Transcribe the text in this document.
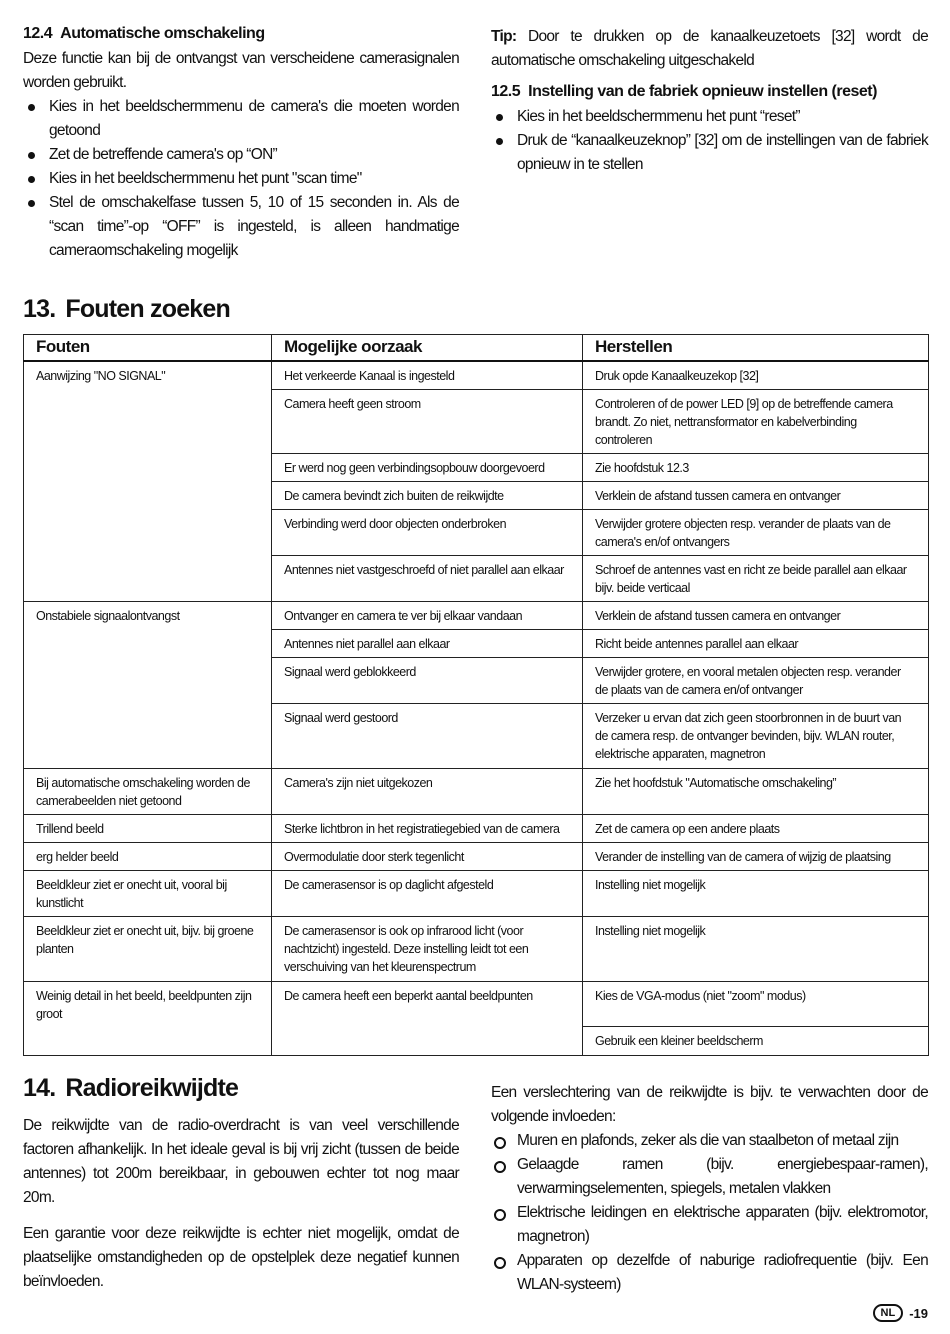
12.4 Automatische omschakeling

Deze functie kan bij de ontvangst van verscheidene camerasignalen worden gebruikt.

Kies in het beeldschermmenu de camera's die moeten worden getoond
Zet de betreffende camera's op “ON”
Kies in het beeldschermmenu het punt "scan time"
Stel de omschakelfase tussen 5, 10 of 15 seconden in. Als de “scan time”-op “OFF” is ingesteld, is alleen handmatige cameraomschakeling mogelijk

Tip: Door te drukken op de kanaalkeuzetoets [32] wordt de automatische omschakeling uitgeschakeld

12.5 Instelling van de fabriek opnieuw instellen (reset)
Kies in het beeldschermmenu het punt “reset”
Druk de “kanaalkeuzeknop” [32] om de instellingen van de fabriek opnieuw in te stellen
13. Fouten zoeken
Fouten	Mogelijke oorzaak	Herstellen
Aanwijzing "NO SIGNAL"	Het verkeerde Kanaal is ingesteld	Druk opde Kanaalkeuzekop [32]
	Camera heeft geen stroom	Controleren of de power LED [9] op de betreffende camera brandt. Zo niet, nettransformator en kabelverbinding controleren
	Er werd nog geen verbindingsopbouw doorgevoerd	Zie hoofdstuk 12.3
	De camera bevindt zich buiten de reikwijdte	Verklein de afstand tussen camera en ontvanger
	Verbinding werd door objecten onderbroken	Verwijder grotere objecten resp. verander de plaats van de camera's en/of ontvangers
	Antennes niet vastgeschroefd of niet parallel aan elkaar	Schroef de antennes vast en richt ze beide parallel aan elkaar bijv. beide verticaal
Onstabiele signaalontvangst	Ontvanger en camera te ver bij elkaar vandaan	Verklein de afstand tussen camera en ontvanger
	Antennes niet parallel aan elkaar	Richt beide antennes parallel aan elkaar
	Signaal werd geblokkeerd	Verwijder grotere, en vooral metalen objecten resp. verander de plaats van de camera en/of ontvanger
	Signaal werd gestoord	Verzeker u ervan dat zich geen stoorbronnen in de buurt van de camera resp. de ontvanger bevinden, bijv. WLAN router, elektrische apparaten, magnetron
Bij automatische omschakeling worden de camerabeelden niet getoond	Camera's zijn niet uitgekozen	Zie het hoofdstuk "Automatische omschakeling”
Trillend beeld	Sterke lichtbron in het registratiegebied van de camera	Zet de camera op een andere plaats
erg helder beeld	Overmodulatie door sterk tegenlicht	Verander de instelling van de camera of wijzig de plaatsing
Beeldkleur ziet er onecht uit, vooral bij kunstlicht	De camerasensor is op daglicht afgesteld	Instelling niet mogelijk
Beeldkleur ziet er onecht uit, bijv. bij groene planten	De camerasensor is ook op infrarood licht (voor nachtzicht) ingesteld. Deze instelling leidt tot een verschuiving van het kleurenspectrum	Instelling niet mogelijk
Weinig detail in het beeld, beeldpunten zijn groot	De camera heeft een beperkt aantal beeldpunten	Kies de VGA-modus (niet "zoom" modus)
		Gebruik een kleiner beeldscherm
14. Radioreikwijdte

De reikwijdte van de radio-overdracht is van veel verschillende factoren afhankelijk. In het ideale geval is bij vrij zicht (tussen de beide antennes) tot 200m bereikbaar, in gebouwen echter tot nog maar 20m.

Een garantie voor deze reikwijdte is echter niet mogelijk, omdat de plaatselijke omstandigheden op de opstelplek deze negatief kunnen beïnvloeden.

Een verslechtering van de reikwijdte is bijv. te verwachten door de volgende invloeden:

Muren en plafonds, zeker als die van staalbeton of metaal zijn
Gelaagde ramen (bijv. energiebespaar-ramen), verwarmingselementen, spiegels, metalen vlakken
Elektrische leidingen en elektrische apparaten (bijv. elektromotor, magnetron)
Apparaten op dezelfde of naburige radiofrequentie (bijv. Een WLAN-systeem)
NL	-19
